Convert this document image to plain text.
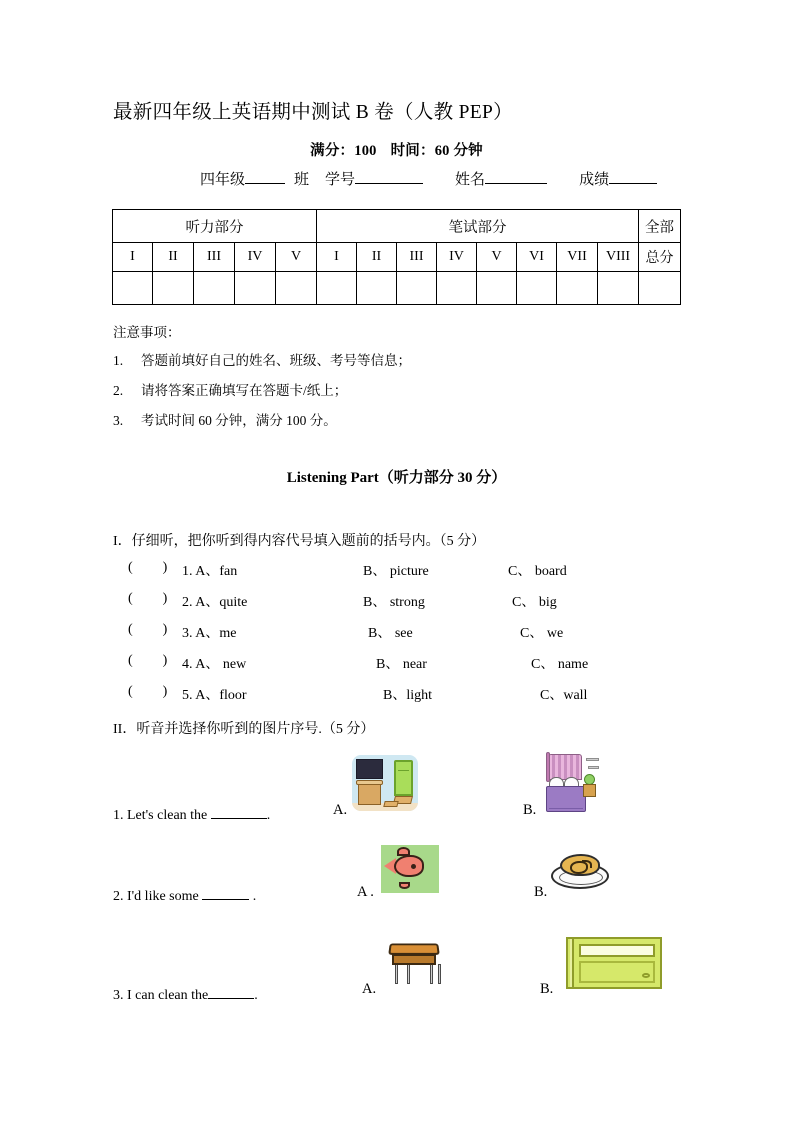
最新四年级上英语期中测试 B 卷（人教 PEP）
满分：100 时间：60 分钟
四年级	班 学号	姓名	成绩
听力部分					笔试部分								全部
I	II	III	IV	V	I	II	III	IV	V	VI	VII	VIII	总分

注意事项：
1. 答题前填好自己的姓名、班级、考号等信息；
2. 请将答案正确填写在答题卡/纸上；
3. 考试时间 60 分钟，满分 100 分。
Listening Part（听力部分 30 分）
I．仔细听，把你听到得内容代号填入题前的括号内。（5 分）
( ) 1. A、fan	B、 picture	C、 board
( ) 2. A、quite	B、 strong	C、 big
( ) 3. A、me	B、 see	C、 we
( ) 4. A、 new	B、 near	C、 name
( ) 5. A、floor	B、light	C、wall
II．听音并选择你听到的图片序号.（5 分）
1. Let's clean the	.	A.	B.
2. I'd like some	.	A .	B.
3. I can clean the	.	A.	B.
